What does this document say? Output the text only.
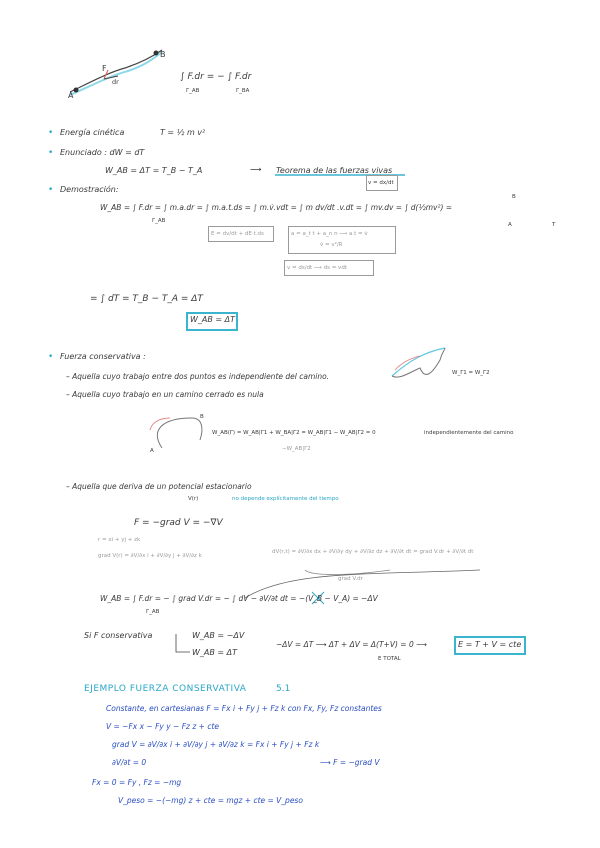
B
A
F
dr	∫ F.dr = − ∫ F.dr
Γ_AB	Γ_BA
• Energía cinética	T = ½ m v²
• Enunciado : dW = dT
W_AB = ΔT = T_B − T_A	⟶ Teorema de las fuerzas vivas
• Demostración:
v = dx/dt
W_AB = ∫ F.dr = ∫ m.a.dr = ∫ m.a.t.ds = ∫ m.v̇.vdt = ∫ m dv/dt .v.dt = ∫ mv.dv = ∫ d(½mv²) =
Γ_AB
B
A	T
E = dv/dt + dE·t.ds	a = a_t t + a_n n ⟶ a.t = v̇
v̇ = v²/R
v = ds/dt ⟶ ds = vdt
= ∫ dT = T_B − T_A = ΔT
W_AB = ΔT
• Fuerza conservativa :
– Aquella cuyo trabajo entre dos puntos es independiente del camino.	W_Γ1 = W_Γ2
– Aquella cuyo trabajo en un camino cerrado es nula
B
A
W_AB(Γ) = W_AB|Γ1 + W_BA|Γ2 = W_AB|Γ1 − W_AB|Γ2 = 0	independientemente del camino
−W_AB|Γ2
– Aquella que deriva de un potencial estacionario
V(r)	no depende explícitamente del tiempo
F = −grad V = −∇V
r = xi + yj + zk
grad V(r) = ∂V/∂x i + ∂V/∂y j + ∂V/∂z k
dV(r,t) = ∂V/∂x dx + ∂V/∂y dy + ∂V/∂z dz + ∂V/∂t dt = grad V.dr + ∂V/∂t dt
grad V.dr
W_AB = ∫ F.dr = − ∫ grad V.dr = − ∫ dV − ∂V/∂t dt = −(V_B − V_A) = −ΔV
Γ_AB
Si F conservativa	W_AB = −ΔV
W_AB = ΔT
−ΔV = ΔT ⟶ ΔT + ΔV = Δ(T+V) = 0 ⟶
E TOTAL
E = T + V = cte
EJEMPLO FUERZA CONSERVATIVA	5.1
Constante, en cartesianas F = Fx i + Fy j + Fz k con Fx, Fy, Fz constantes
V = −Fx x − Fy y − Fz z + cte
grad V = ∂V/∂x i + ∂V/∂y j + ∂V/∂z k = Fx i + Fy j + Fz k
∂V/∂t = 0	⟶ F = −grad V
Fx = 0 = Fy , Fz = −mg
V_peso = −(−mg) z + cte = mgz + cte = V_peso
